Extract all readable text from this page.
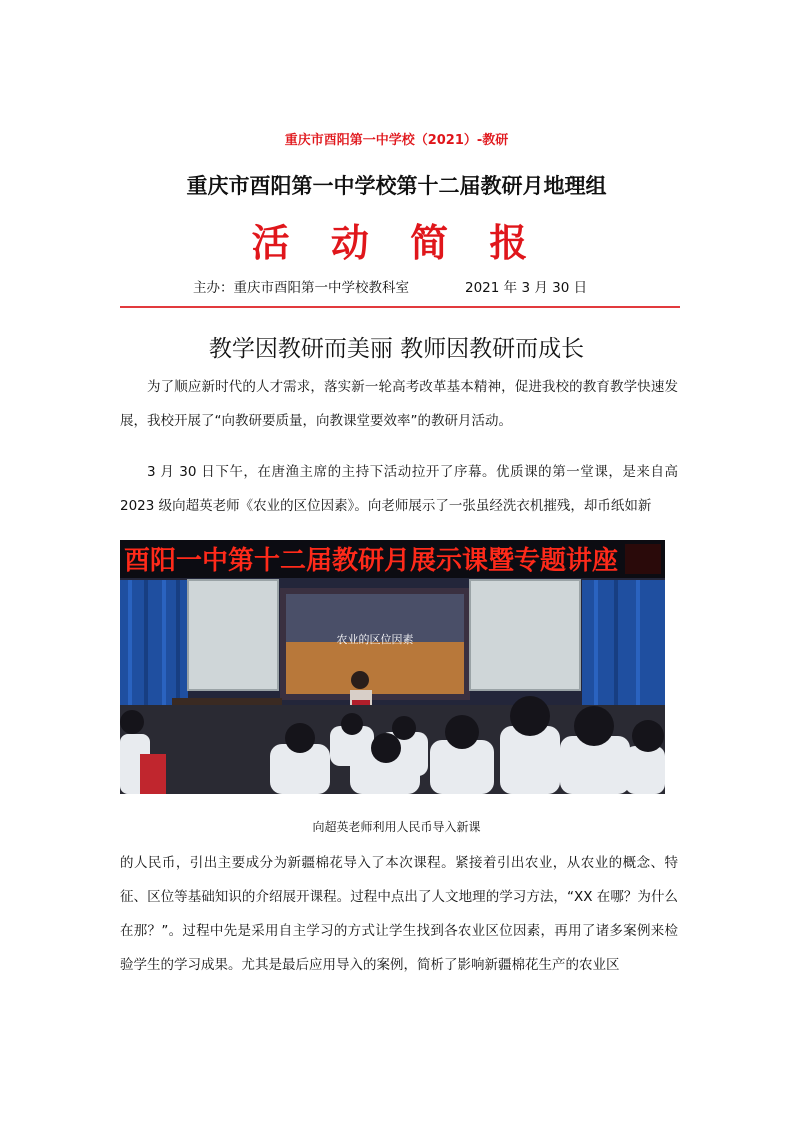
重庆市酉阳第一中学校（2021）-教研
重庆市酉阳第一中学校第十二届教研月地理组
活 动 简 报
主办：重庆市酉阳第一中学校教科室	2021 年 3 月 30 日
教学因教研而美丽 教师因教研而成长

为了顺应新时代的人才需求，落实新一轮高考改革基本精神，促进我校的教育教学快速发展，我校开展了“向教研要质量，向教课堂要效率”的教研月活动。

3 月 30 日下午，在唐渔主席的主持下活动拉开了序幕。优质课的第一堂课，是来自高 2023 级向超英老师《农业的区位因素》。向老师展示了一张虽经洗衣机摧残，却币纸如新

酉阳一中第十二届教研月展示课暨专题讲座
农业的区位因素
向超英老师利用人民币导入新课

的人民币，引出主要成分为新疆棉花导入了本次课程。紧接着引出农业，从农业的概念、特征、区位等基础知识的介绍展开课程。过程中点出了人文地理的学习方法，“XX 在哪？为什么在那？”。过程中先是采用自主学习的方式让学生找到各农业区位因素，再用了诸多案例来检验学生的学习成果。尤其是最后应用导入的案例，简析了影响新疆棉花生产的农业区
